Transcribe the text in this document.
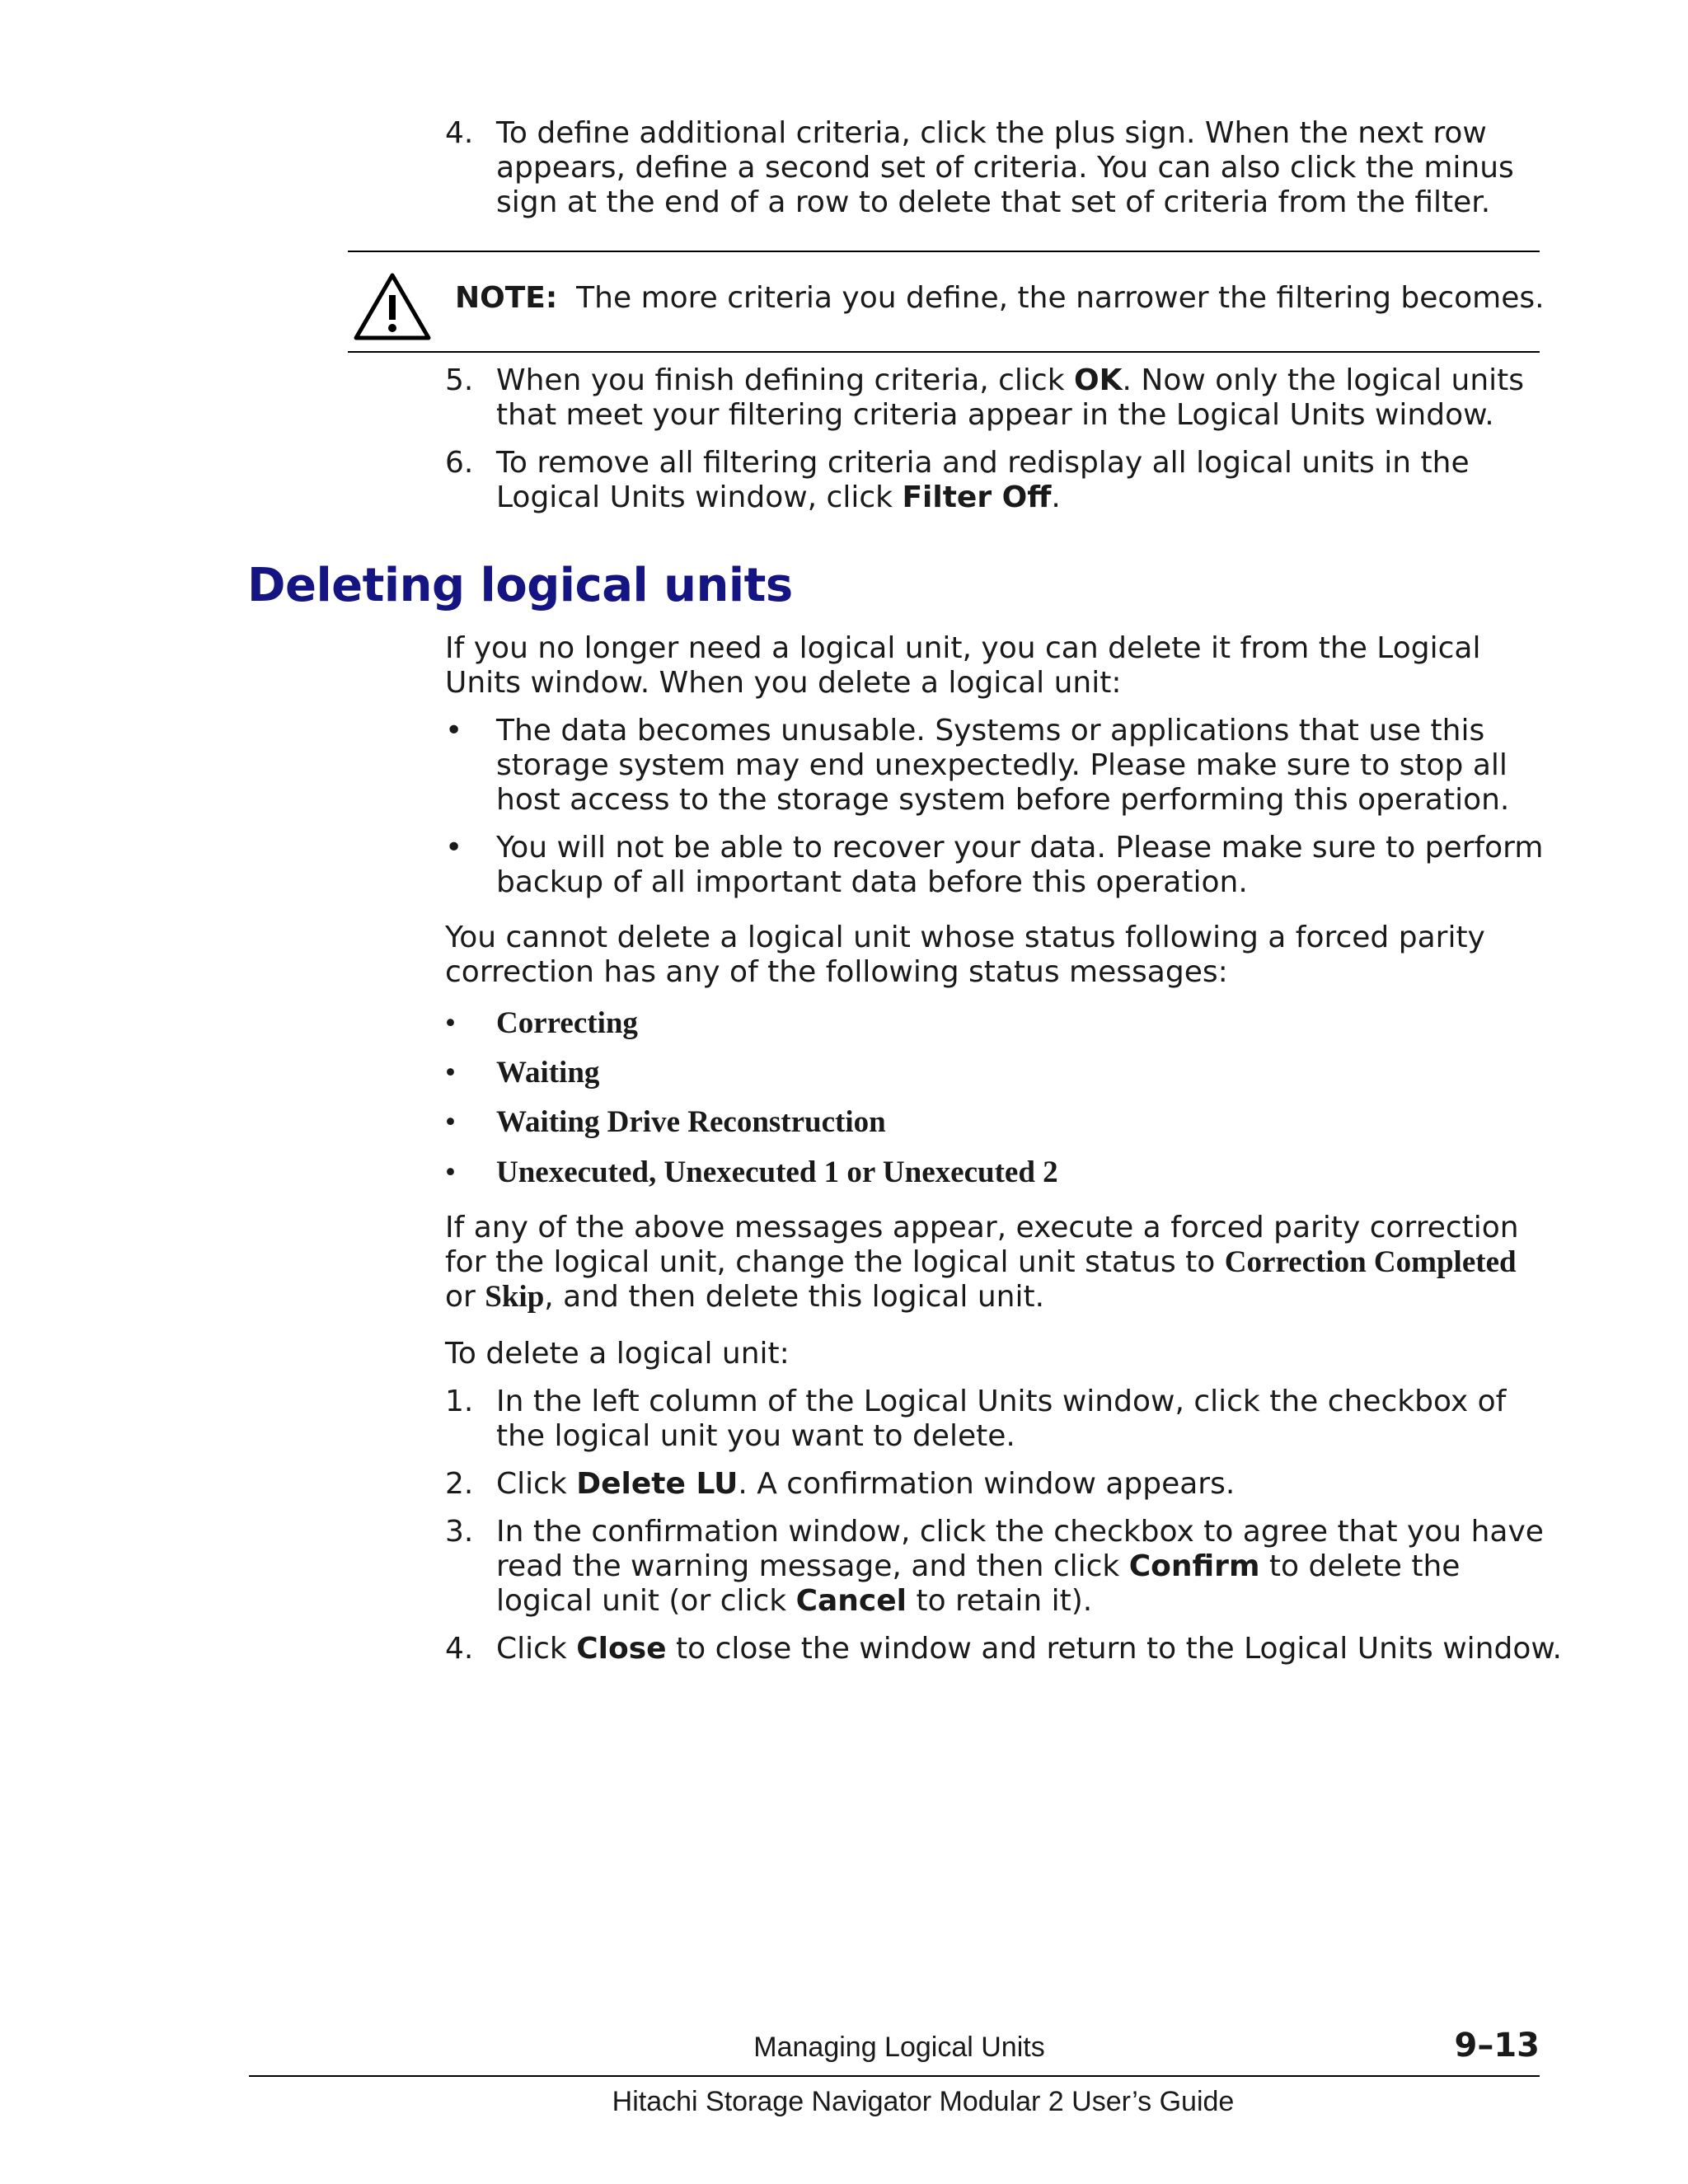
4. To define additional criteria, click the plus sign. When the next row appears, define a second set of criteria. You can also click the minus sign at the end of a row to delete that set of criteria from the filter.
NOTE: The more criteria you define, the narrower the filtering becomes.
5. When you finish defining criteria, click OK. Now only the logical units that meet your filtering criteria appear in the Logical Units window.
6. To remove all filtering criteria and redisplay all logical units in the Logical Units window, click Filter Off.
Deleting logical units
If you no longer need a logical unit, you can delete it from the Logical Units window. When you delete a logical unit:
• The data becomes unusable. Systems or applications that use this storage system may end unexpectedly. Please make sure to stop all host access to the storage system before performing this operation.
• You will not be able to recover your data. Please make sure to perform backup of all important data before this operation.
You cannot delete a logical unit whose status following a forced parity correction has any of the following status messages:
• Correcting
• Waiting
• Waiting Drive Reconstruction
• Unexecuted, Unexecuted 1 or Unexecuted 2
If any of the above messages appear, execute a forced parity correction for the logical unit, change the logical unit status to Correction Completed or Skip, and then delete this logical unit.
To delete a logical unit:
1. In the left column of the Logical Units window, click the checkbox of the logical unit you want to delete.
2. Click Delete LU. A confirmation window appears.
3. In the confirmation window, click the checkbox to agree that you have read the warning message, and then click Confirm to delete the logical unit (or click Cancel to retain it).
4. Click Close to close the window and return to the Logical Units window.
Managing Logical Units	9–13
Hitachi Storage Navigator Modular 2 User’s Guide
